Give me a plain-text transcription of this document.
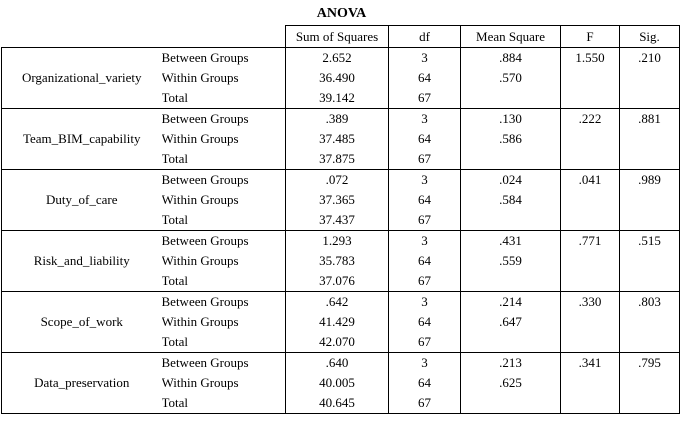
ANOVA
		Sum of Squares	df	Mean Square	F	Sig.
Organizational_variety	Between Groups	2.652	3	.884	1.550	.210
	Within Groups	36.490	64	.570		
	Total	39.142	67			
Team_BIM_capability	Between Groups	.389	3	.130	.222	.881
	Within Groups	37.485	64	.586		
	Total	37.875	67			
Duty_of_care	Between Groups	.072	3	.024	.041	.989
	Within Groups	37.365	64	.584		
	Total	37.437	67			
Risk_and_liability	Between Groups	1.293	3	.431	.771	.515
	Within Groups	35.783	64	.559		
	Total	37.076	67			
Scope_of_work	Between Groups	.642	3	.214	.330	.803
	Within Groups	41.429	64	.647		
	Total	42.070	67			
Data_preservation	Between Groups	.640	3	.213	.341	.795
	Within Groups	40.005	64	.625		
	Total	40.645	67			
